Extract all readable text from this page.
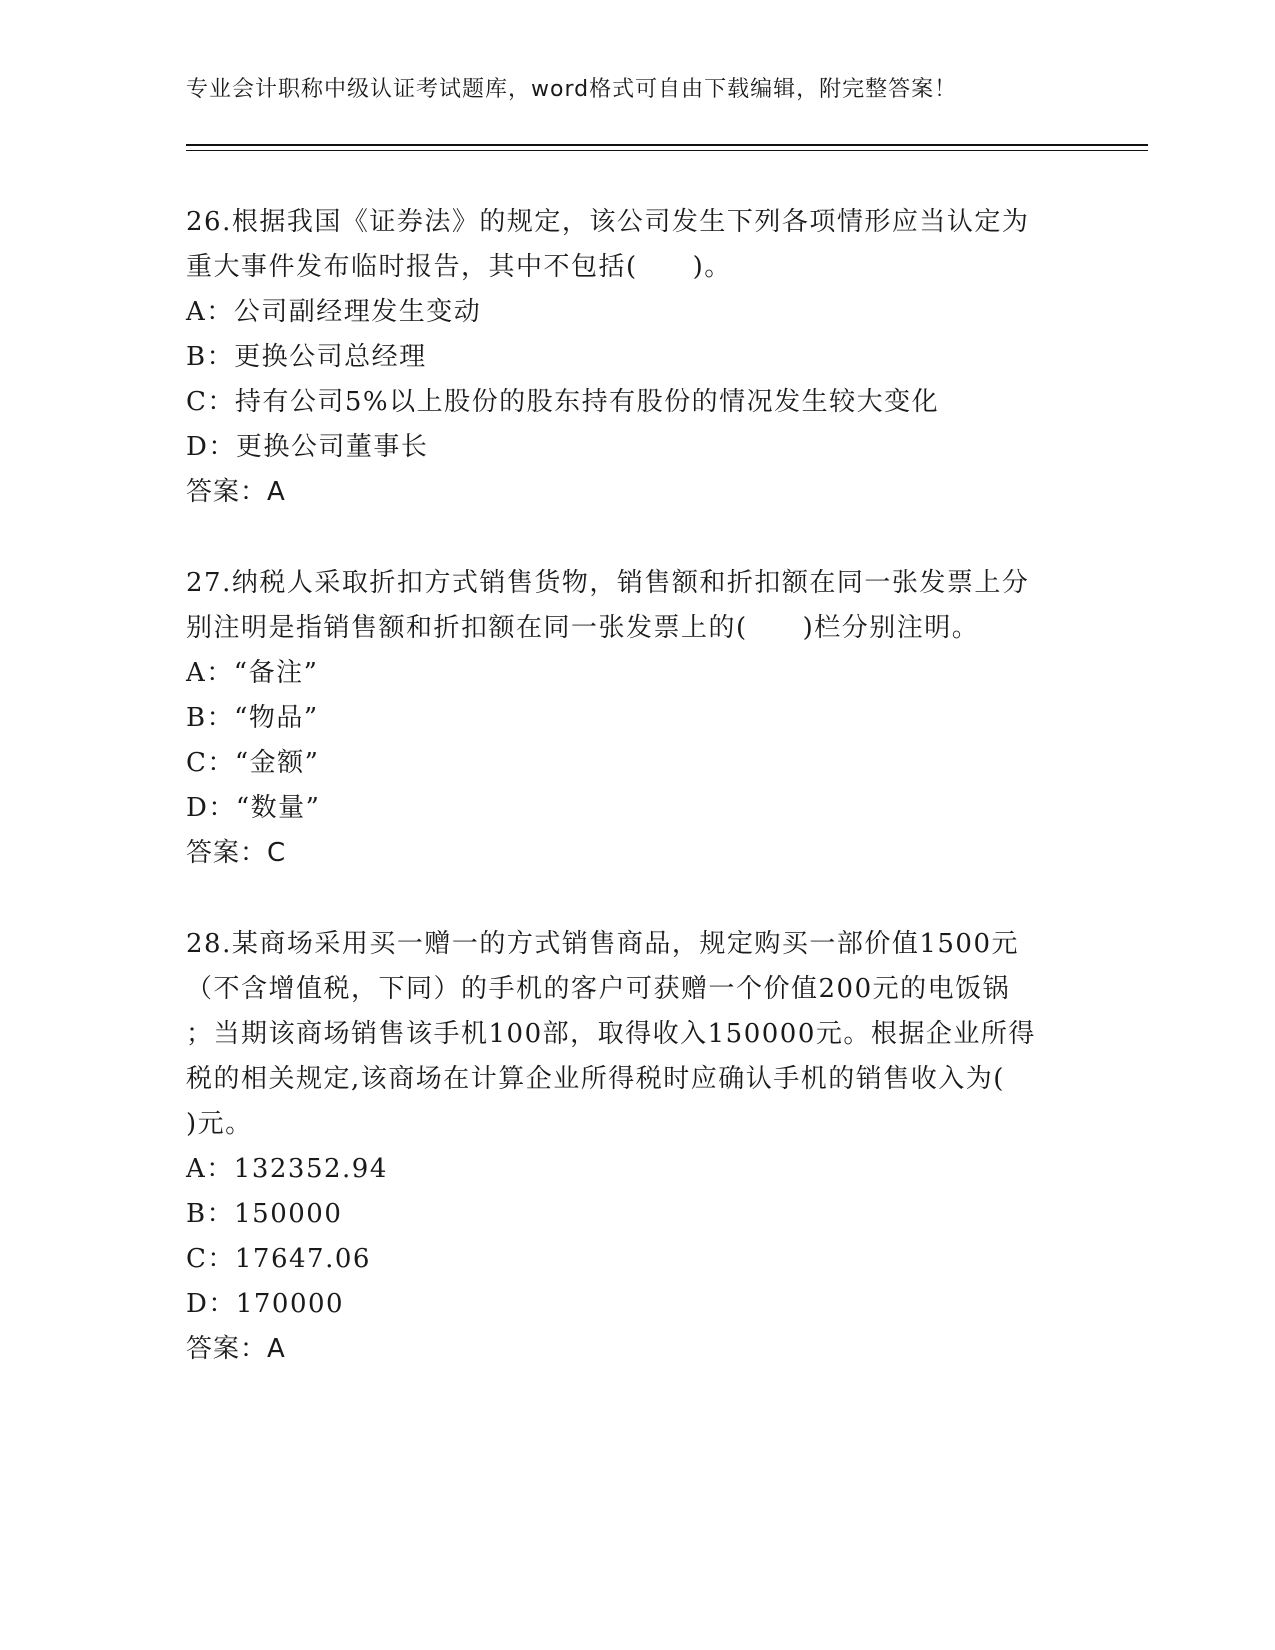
专业会计职称中级认证考试题库，word格式可自由下载编辑，附完整答案！
26.根据我国《证券法》的规定，该公司发生下列各项情形应当认定为
重大事件发布临时报告，其中不包括(　　)。
A：公司副经理发生变动
B：更换公司总经理
C：持有公司5%以上股份的股东持有股份的情况发生较大变化
D：更换公司董事长
答案：A
27.纳税人采取折扣方式销售货物，销售额和折扣额在同一张发票上分
别注明是指销售额和折扣额在同一张发票上的(　　)栏分别注明。
A：“备注”
B：“物品”
C：“金额”
D：“数量”
答案：C
28.某商场采用买一赠一的方式销售商品，规定购买一部价值1500元
（不含增值税，下同）的手机的客户可获赠一个价值200元的电饭锅
；当期该商场销售该手机100部，取得收入150000元。根据企业所得
税的相关规定,该商场在计算企业所得税时应确认手机的销售收入为(
)元。
A：132352.94
B：150000
C：17647.06
D：170000
答案：A
